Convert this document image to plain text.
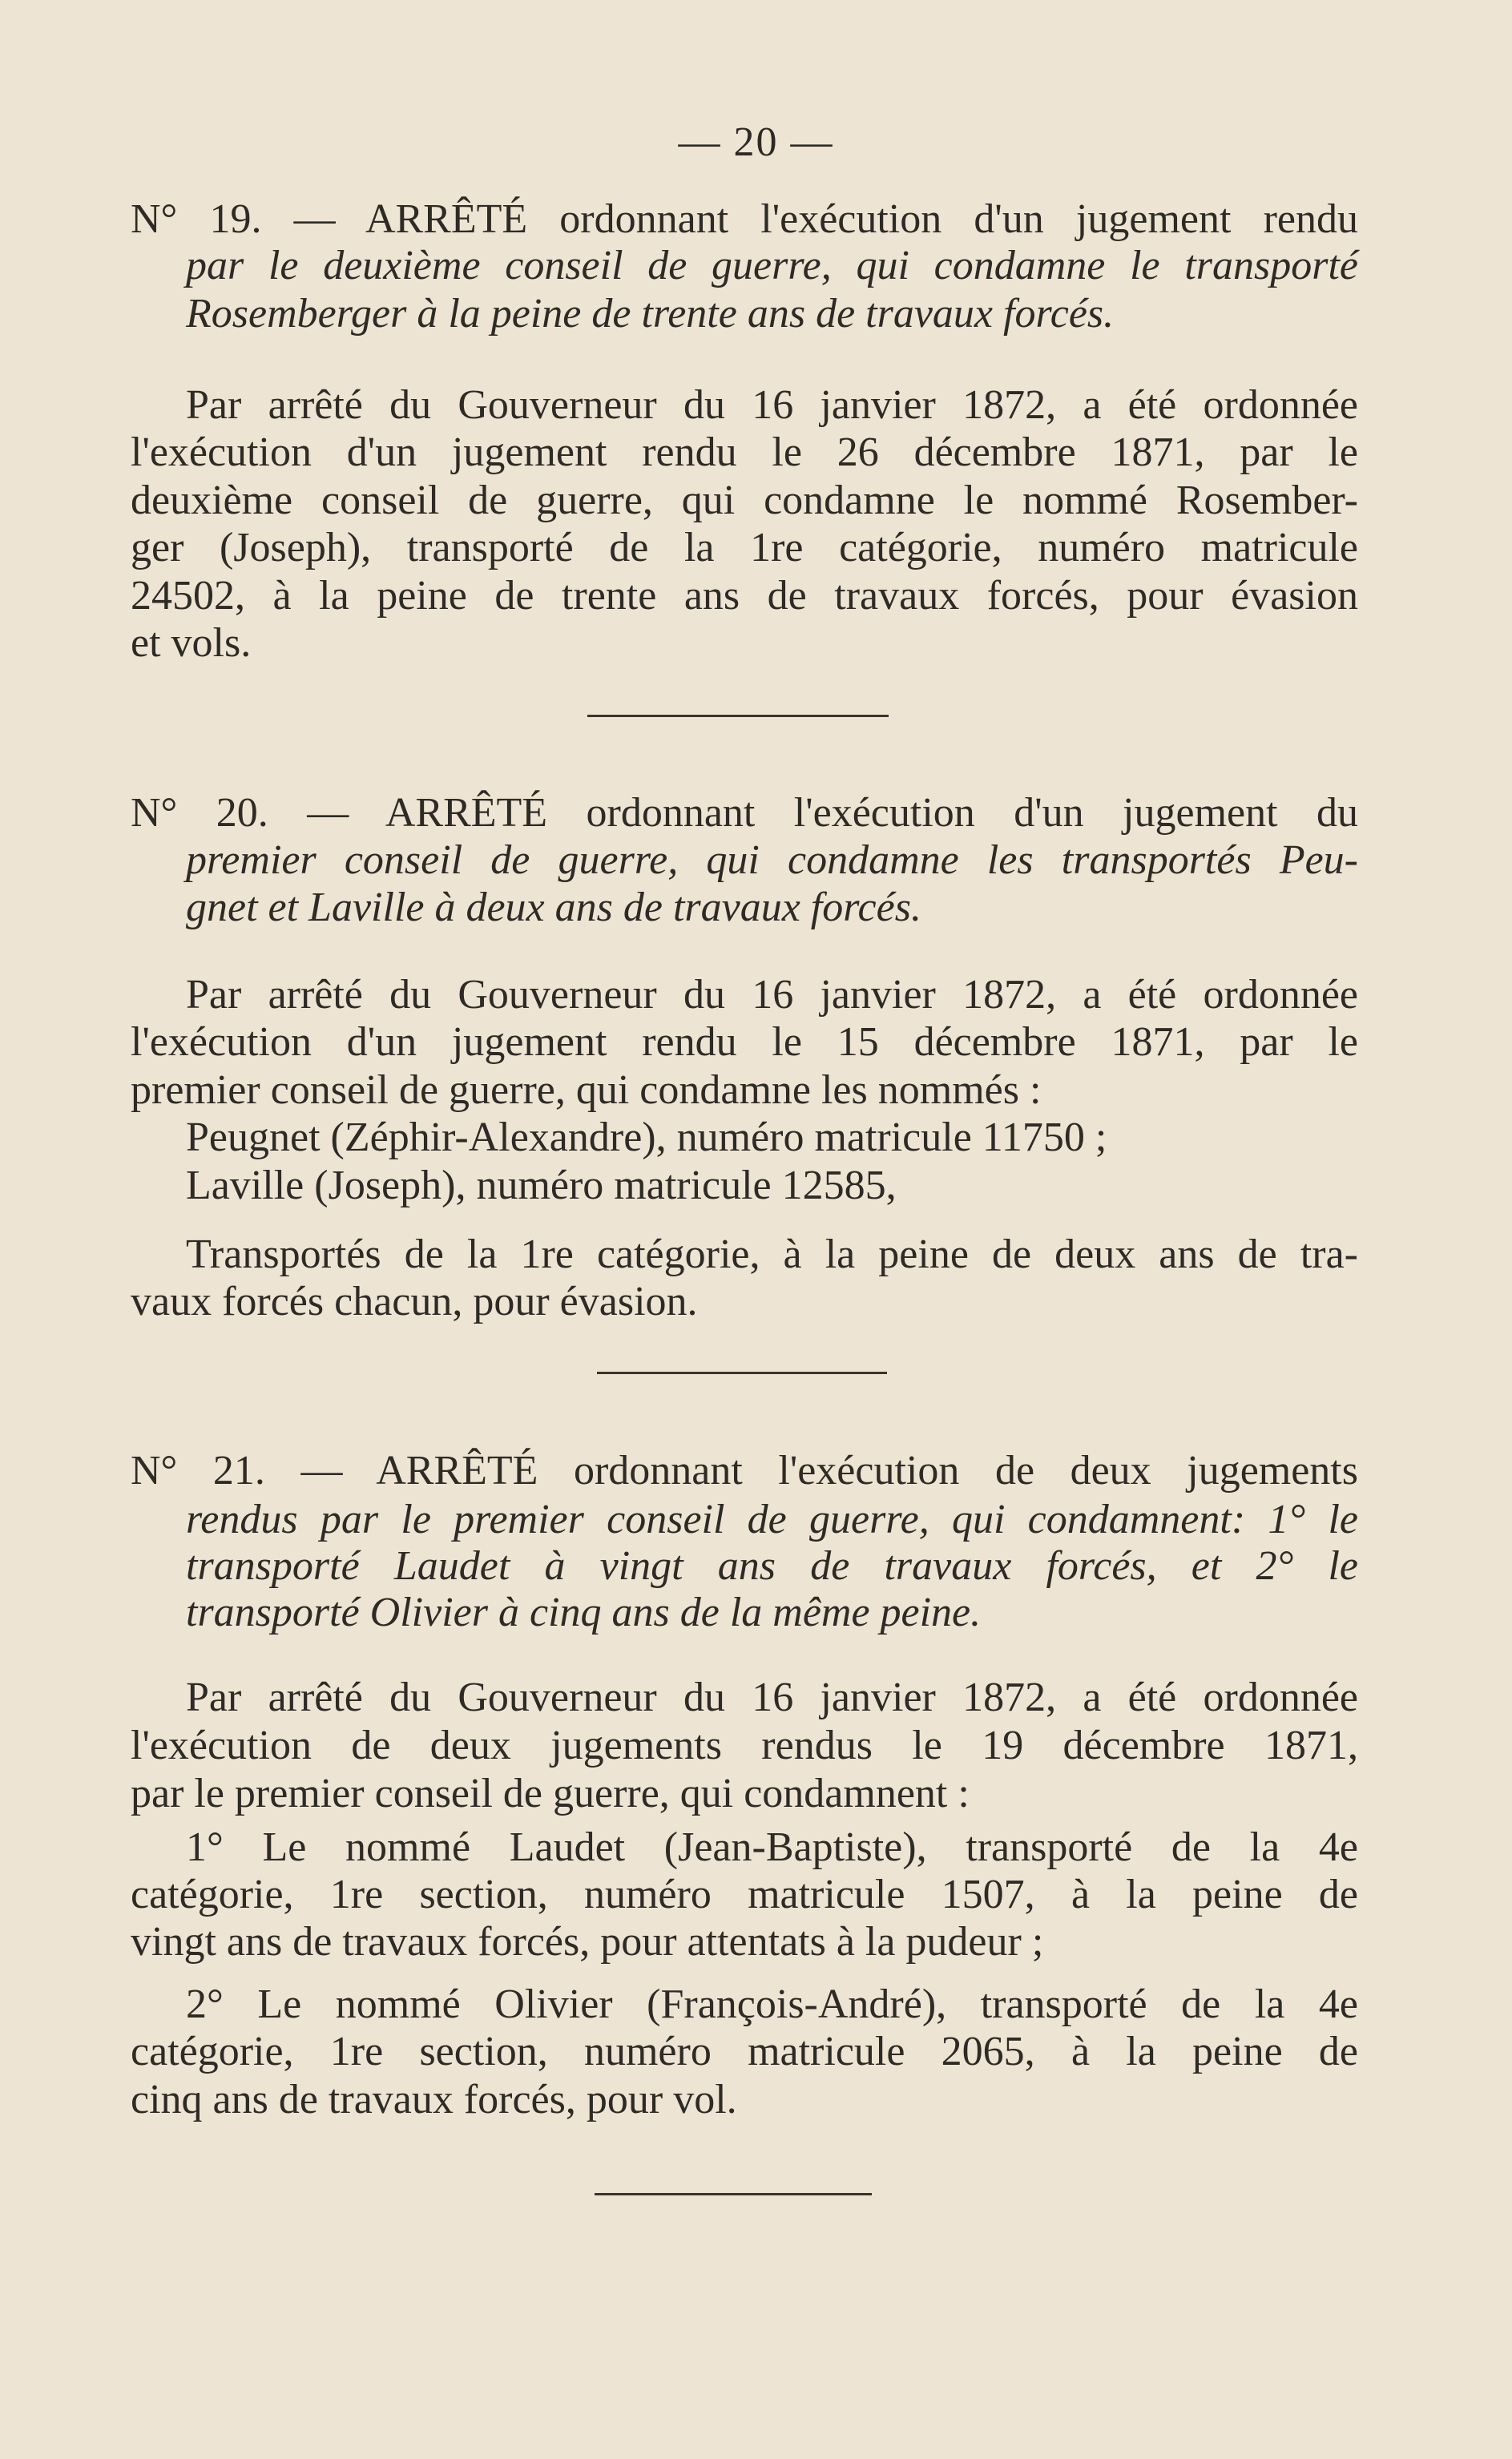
— 20 —
N° 19. — ARRÊTÉ ordonnant l'exécution d'un jugement rendu
par le deuxième conseil de guerre, qui condamne le transporté
Rosemberger à la peine de trente ans de travaux forcés.
Par arrêté du Gouverneur du 16 janvier 1872, a été ordonnée
l'exécution d'un jugement rendu le 26 décembre 1871, par le
deuxième conseil de guerre, qui condamne le nommé Rosember-
ger (Joseph), transporté de la 1re catégorie, numéro matricule
24502, à la peine de trente ans de travaux forcés, pour évasion
et vols.
N° 20. — ARRÊTÉ ordonnant l'exécution d'un jugement du
premier conseil de guerre, qui condamne les transportés Peu-
gnet et Laville à deux ans de travaux forcés.
Par arrêté du Gouverneur du 16 janvier 1872, a été ordonnée
l'exécution d'un jugement rendu le 15 décembre 1871, par le
premier conseil de guerre, qui condamne les nommés :
Peugnet (Zéphir-Alexandre), numéro matricule 11750 ;
Laville (Joseph), numéro matricule 12585,
Transportés de la 1re catégorie, à la peine de deux ans de tra-
vaux forcés chacun, pour évasion.
N° 21. — ARRÊTÉ ordonnant l'exécution de deux jugements
rendus par le premier conseil de guerre, qui condamnent: 1° le
transporté Laudet à vingt ans de travaux forcés, et 2° le
transporté Olivier à cinq ans de la même peine.
Par arrêté du Gouverneur du 16 janvier 1872, a été ordonnée
l'exécution de deux jugements rendus le 19 décembre 1871,
par le premier conseil de guerre, qui condamnent :
1° Le nommé Laudet (Jean-Baptiste), transporté de la 4e
catégorie, 1re section, numéro matricule 1507, à la peine de
vingt ans de travaux forcés, pour attentats à la pudeur ;
2° Le nommé Olivier (François-André), transporté de la 4e
catégorie, 1re section, numéro matricule 2065, à la peine de
cinq ans de travaux forcés, pour vol.
